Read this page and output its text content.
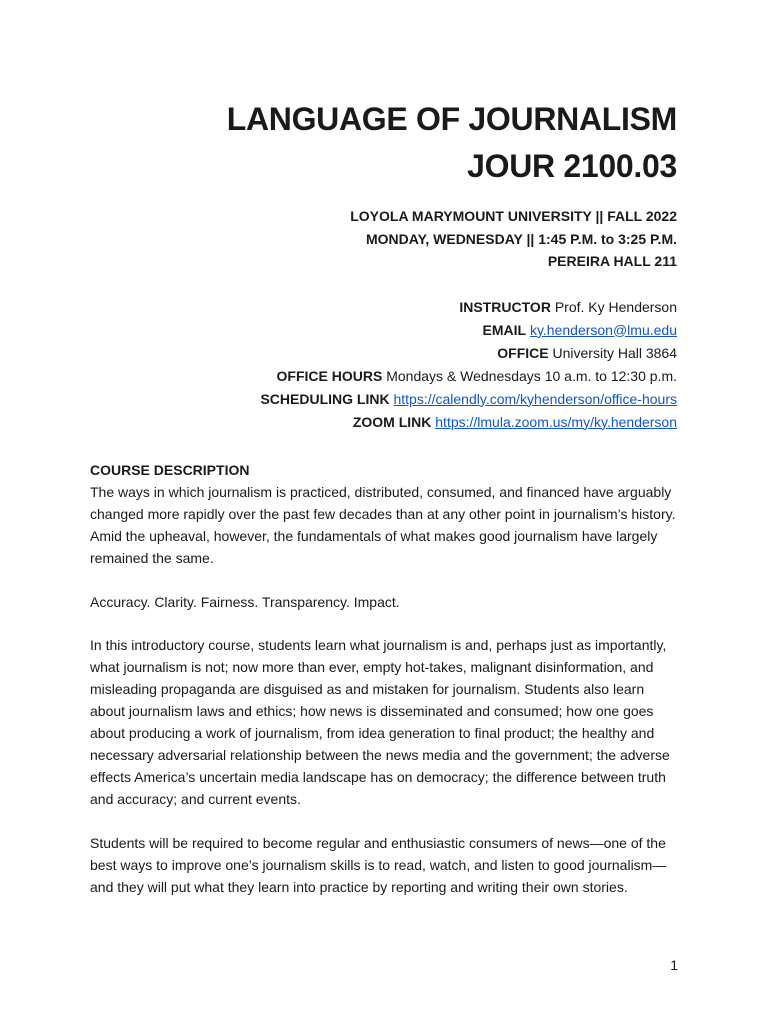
LANGUAGE OF JOURNALISM

JOUR 2100.03

LOYOLA MARYMOUNT UNIVERSITY || FALL 2022

MONDAY, WEDNESDAY || 1:45 P.M. to 3:25 P.M.

PEREIRA HALL 211

INSTRUCTOR Prof. Ky Henderson

EMAIL ky.henderson@lmu.edu

OFFICE University Hall 3864

OFFICE HOURS Mondays & Wednesdays 10 a.m. to 12:30 p.m.

SCHEDULING LINK https://calendly.com/kyhenderson/office-hours

ZOOM LINK https://lmula.zoom.us/my/ky.henderson

COURSE DESCRIPTION

The ways in which journalism is practiced, distributed, consumed, and financed have arguably changed more rapidly over the past few decades than at any other point in journalism’s history. Amid the upheaval, however, the fundamentals of what makes good journalism have largely remained the same.

Accuracy. Clarity. Fairness. Transparency. Impact.

In this introductory course, students learn what journalism is and, perhaps just as importantly, what journalism is not; now more than ever, empty hot-takes, malignant disinformation, and misleading propaganda are disguised as and mistaken for journalism. Students also learn about journalism laws and ethics; how news is disseminated and consumed; how one goes about producing a work of journalism, from idea generation to final product; the healthy and necessary adversarial relationship between the news media and the government; the adverse effects America’s uncertain media landscape has on democracy; the difference between truth and accuracy; and current events.

Students will be required to become regular and enthusiastic consumers of news—one of the best ways to improve one’s journalism skills is to read, watch, and listen to good journalism—and they will put what they learn into practice by reporting and writing their own stories.

1
